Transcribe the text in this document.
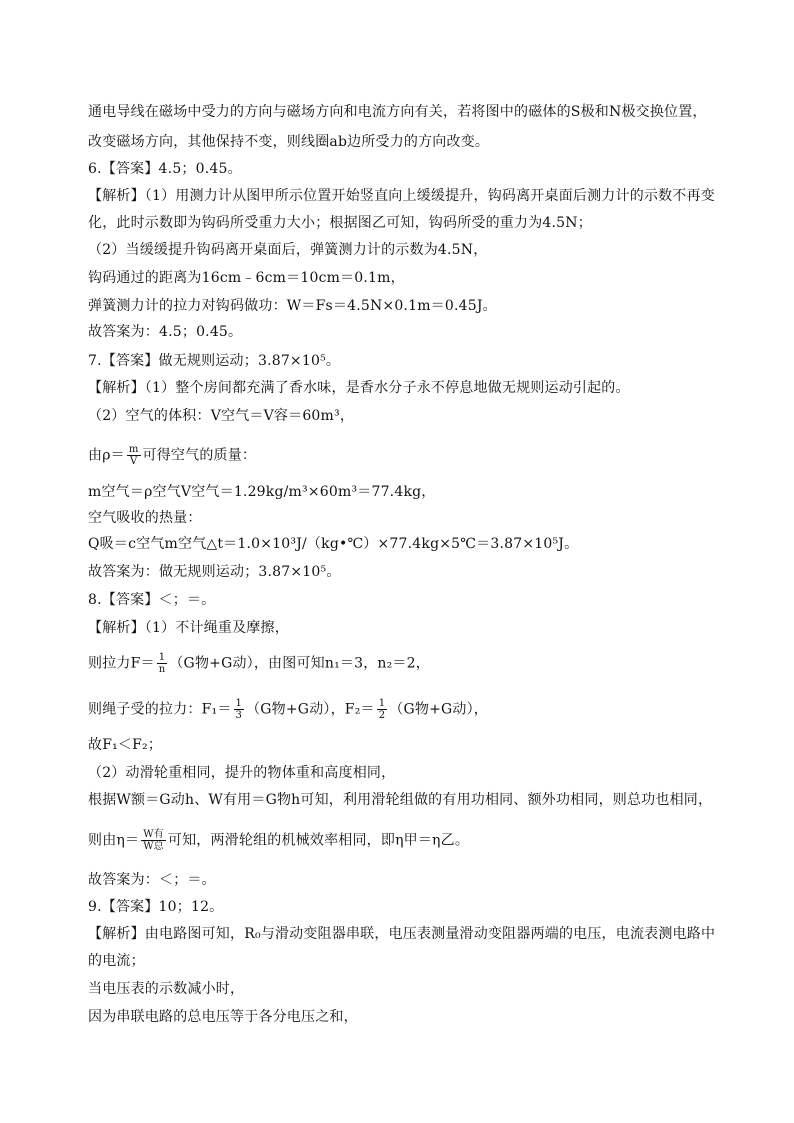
通电导线在磁场中受力的方向与磁场方向和电流方向有关，若将图中的磁体的S极和N极交换位置，
改变磁场方向，其他保持不变，则线圈ab边所受力的方向改变。
6.【答案】4.5；0.45。
【解析】（1）用测力计从图甲所示位置开始竖直向上缓缓提升，钩码离开桌面后测力计的示数不再变
化，此时示数即为钩码所受重力大小；根据图乙可知，钩码所受的重力为4.5N；
（2）当缓缓提升钩码离开桌面后，弹簧测力计的示数为4.5N，
钩码通过的距离为16cm﹣6cm＝10cm＝0.1m，
弹簧测力计的拉力对钩码做功：W＝Fs＝4.5N×0.1m＝0.45J。
故答案为：4.5；0.45。
7.【答案】做无规则运动；3.87×10⁵。
【解析】（1）整个房间都充满了香水味，是香水分子永不停息地做无规则运动引起的。
（2）空气的体积：V空气＝V容＝60m³，
由$\rho= \frac{m}{V}$ 可得空气的质量：
m空气＝ρ空气V空气＝1.29kg/m³×60m³＝77.4kg，
空气吸收的热量：
Q吸＝c空气m空气△t＝1.0×10³J/（kg•℃）×77.4kg×5℃＝3.87×10⁵J。
故答案为：做无规则运动；3.87×10⁵。
8.【答案】＜；＝。
【解析】（1）不计绳重及摩擦，
则拉力$F= \frac{1}{n} (G$物+G动），由图可知n₁＝3，n₂＝2，
则绳子受的拉力：$F_1= \frac{1}{3} (G$物+G动），$F_2= \frac{1}{2} (G$物+G动），
故F₁＜F₂；
（2）动滑轮重相同，提升的物体重和高度相同，
根据W额＝G动h、W有用＝G物h可知，利用滑轮组做的有用功相同、额外功相同，则总功也相同，
则由$\eta= \frac{\text{W有}}{\text{W总}}$ 可知，两滑轮组的机械效率相同，即η甲＝η乙。
故答案为：＜；＝。
9.【答案】10；12。
【解析】由电路图可知，R₀与滑动变阻器串联，电压表测量滑动变阻器两端的电压，电流表测电路中
的电流；
当电压表的示数减小时，
因为串联电路的总电压等于各分电压之和，
